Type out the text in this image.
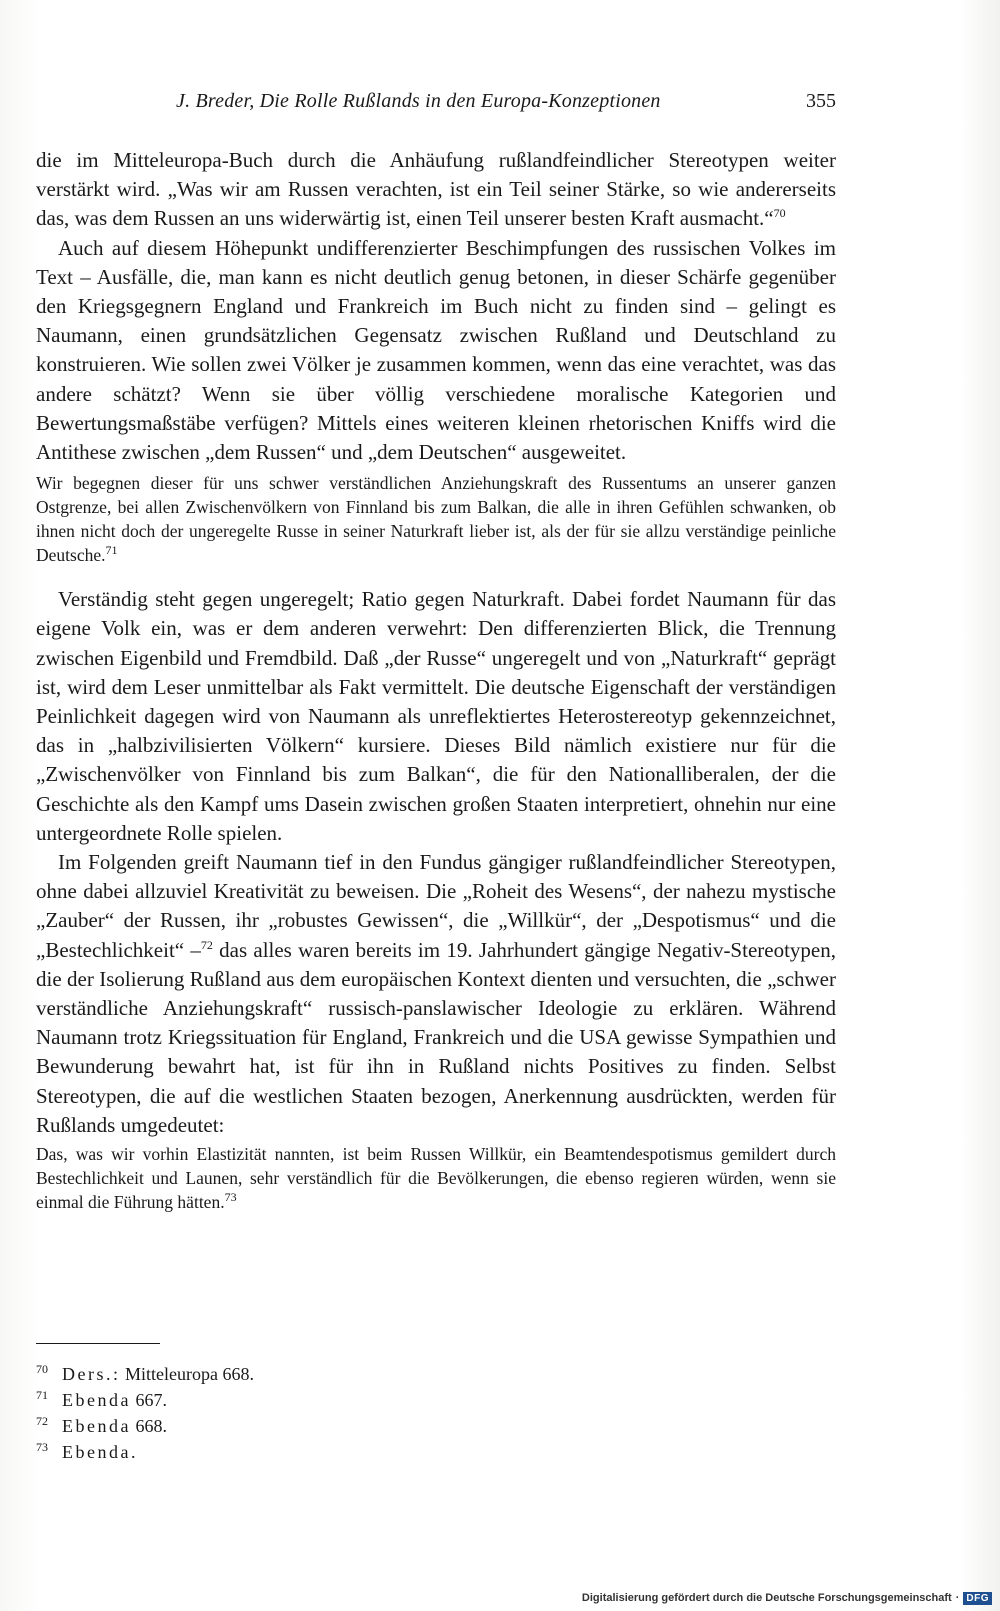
J. Breder, Die Rolle Rußlands in den Europa-Konzeptionen	355

die im Mitteleuropa-Buch durch die Anhäufung rußlandfeindlicher Stereotypen weiter verstärkt wird. „Was wir am Russen verachten, ist ein Teil seiner Stärke, so wie andererseits das, was dem Russen an uns widerwärtig ist, einen Teil unserer besten Kraft ausmacht.“$^{70}$

Auch auf diesem Höhepunkt undifferenzierter Beschimpfungen des russischen Volkes im Text – Ausfälle, die, man kann es nicht deutlich genug betonen, in dieser Schärfe gegenüber den Kriegsgegnern England und Frankreich im Buch nicht zu finden sind – gelingt es Naumann, einen grundsätzlichen Gegensatz zwischen Rußland und Deutschland zu konstruieren. Wie sollen zwei Völker je zusammen kommen, wenn das eine verachtet, was das andere schätzt? Wenn sie über völlig verschiedene moralische Kategorien und Bewertungsmaßstäbe verfügen? Mittels eines weiteren kleinen rhetorischen Kniffs wird die Antithese zwischen „dem Russen“ und „dem Deutschen“ ausgeweitet.

Wir begegnen dieser für uns schwer verständlichen Anziehungskraft des Russentums an unserer ganzen Ostgrenze, bei allen Zwischenvölkern von Finnland bis zum Balkan, die alle in ihren Gefühlen schwanken, ob ihnen nicht doch der ungeregelte Russe in seiner Naturkraft lieber ist, als der für sie allzu verständige peinliche Deutsche.$^{71}$

Verständig steht gegen ungeregelt; Ratio gegen Naturkraft. Dabei fordet Naumann für das eigene Volk ein, was er dem anderen verwehrt: Den differenzierten Blick, die Trennung zwischen Eigenbild und Fremdbild. Daß „der Russe“ ungeregelt und von „Naturkraft“ geprägt ist, wird dem Leser unmittelbar als Fakt vermittelt. Die deutsche Eigenschaft der verständigen Peinlichkeit dagegen wird von Naumann als unreflektiertes Heterostereotyp gekennzeichnet, das in „halbzivilisierten Völkern“ kursiere. Dieses Bild nämlich existiere nur für die „Zwischenvölker von Finnland bis zum Balkan“, die für den Nationalliberalen, der die Geschichte als den Kampf ums Dasein zwischen großen Staaten interpretiert, ohnehin nur eine untergeordnete Rolle spielen.

Im Folgenden greift Naumann tief in den Fundus gängiger rußlandfeindlicher Stereotypen, ohne dabei allzuviel Kreativität zu beweisen. Die „Roheit des Wesens“, der nahezu mystische „Zauber“ der Russen, ihr „robustes Gewissen“, die „Willkür“, der „Despotismus“ und die „Bestechlichkeit“ –$^{72}$ das alles waren bereits im 19. Jahrhundert gängige Negativ-Stereotypen, die der Isolierung Rußland aus dem europäischen Kontext dienten und versuchten, die „schwer verständliche Anziehungskraft“ russisch-panslawischer Ideologie zu erklären. Während Naumann trotz Kriegssituation für England, Frankreich und die USA gewisse Sympathien und Bewunderung bewahrt hat, ist für ihn in Rußland nichts Positives zu finden. Selbst Stereotypen, die auf die westlichen Staaten bezogen, Anerkennung ausdrückten, werden für Rußlands umgedeutet:

Das, was wir vorhin Elastizität nannten, ist beim Russen Willkür, ein Beamtendespotismus gemildert durch Bestechlichkeit und Launen, sehr verständlich für die Bevölkerungen, die ebenso regieren würden, wenn sie einmal die Führung hätten.$^{73}$

70 Ders.: Mitteleuropa 668.
71 Ebenda 667.
72 Ebenda 668.
73 Ebenda.
Digitalisierung gefördert durch die Deutsche Forschungsgemeinschaft · DFG
